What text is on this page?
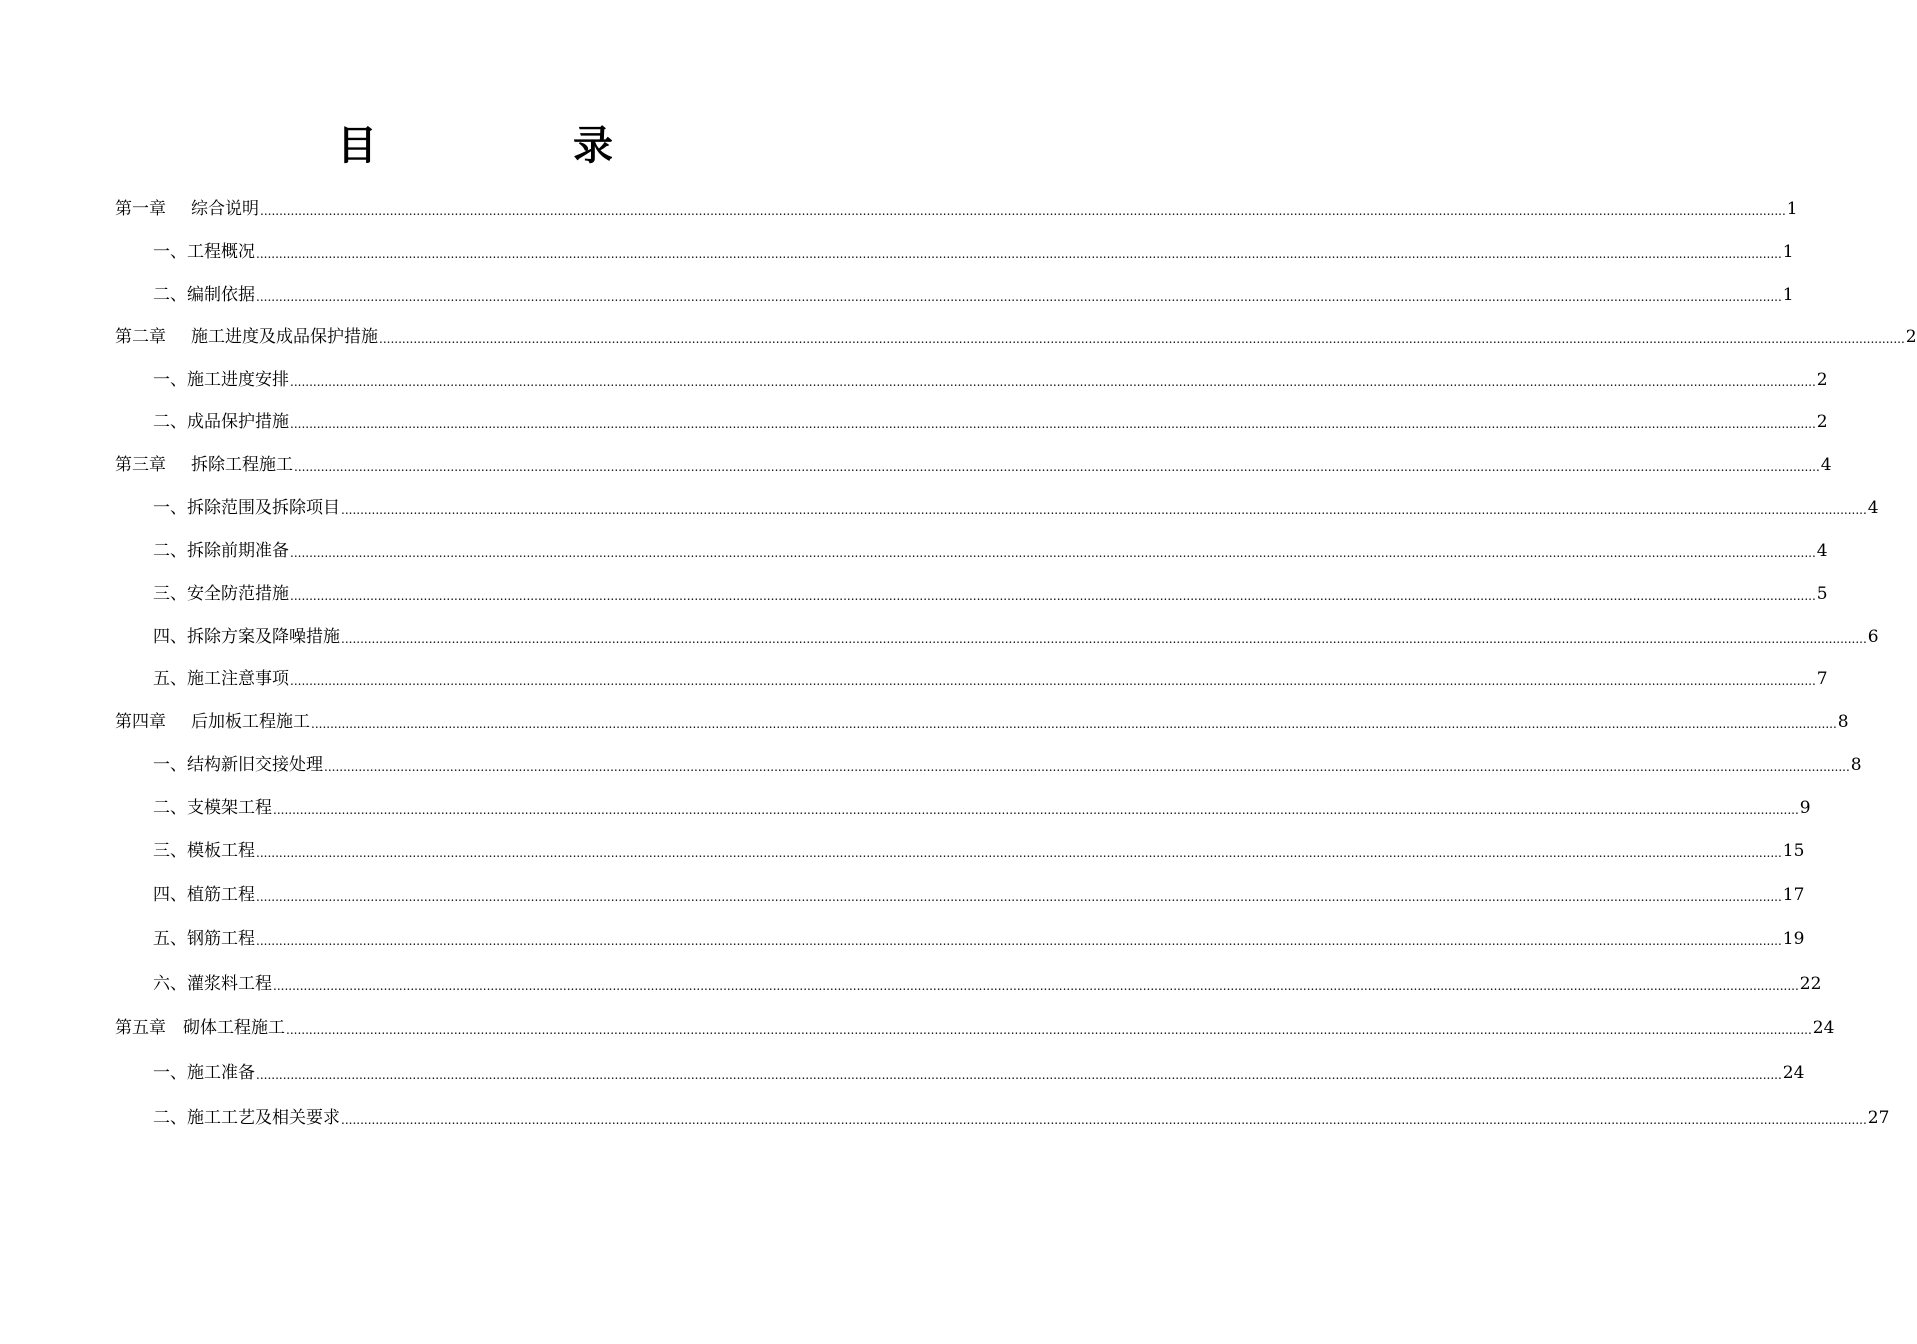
目　录
第一章 综合说明 ................................................................................................................................................................................................................................................................................................................................................................................................................ 1
一、工程概况 ................................................................................................................................................................................................................................................................................................................................................................................................................ 1
二、编制依据 ................................................................................................................................................................................................................................................................................................................................................................................................................ 1
第二章 施工进度及成品保护措施 ................................................................................................................................................................................................................................................................................................................................................................................................................ 2
一、施工进度安排 ................................................................................................................................................................................................................................................................................................................................................................................................................ 2
二、成品保护措施 ................................................................................................................................................................................................................................................................................................................................................................................................................ 2
第三章 拆除工程施工 ................................................................................................................................................................................................................................................................................................................................................................................................................ 4
一、拆除范围及拆除项目 ................................................................................................................................................................................................................................................................................................................................................................................................................ 4
二、拆除前期准备 ................................................................................................................................................................................................................................................................................................................................................................................................................ 4
三、安全防范措施 ................................................................................................................................................................................................................................................................................................................................................................................................................ 5
四、拆除方案及降噪措施 ................................................................................................................................................................................................................................................................................................................................................................................................................ 6
五、施工注意事项 ................................................................................................................................................................................................................................................................................................................................................................................................................ 7
第四章 后加板工程施工 ................................................................................................................................................................................................................................................................................................................................................................................................................ 8
一、结构新旧交接处理 ................................................................................................................................................................................................................................................................................................................................................................................................................ 8
二、支模架工程 ................................................................................................................................................................................................................................................................................................................................................................................................................ 9
三、模板工程 ................................................................................................................................................................................................................................................................................................................................................................................................................ 15
四、植筋工程 ................................................................................................................................................................................................................................................................................................................................................................................................................ 17
五、钢筋工程 ................................................................................................................................................................................................................................................................................................................................................................................................................ 19
六、灌浆料工程 ................................................................................................................................................................................................................................................................................................................................................................................................................ 22
第五章 砌体工程施工 ................................................................................................................................................................................................................................................................................................................................................................................................................ 24
一、施工准备 ................................................................................................................................................................................................................................................................................................................................................................................................................ 24
二、施工工艺及相关要求 ................................................................................................................................................................................................................................................................................................................................................................................................................ 27
